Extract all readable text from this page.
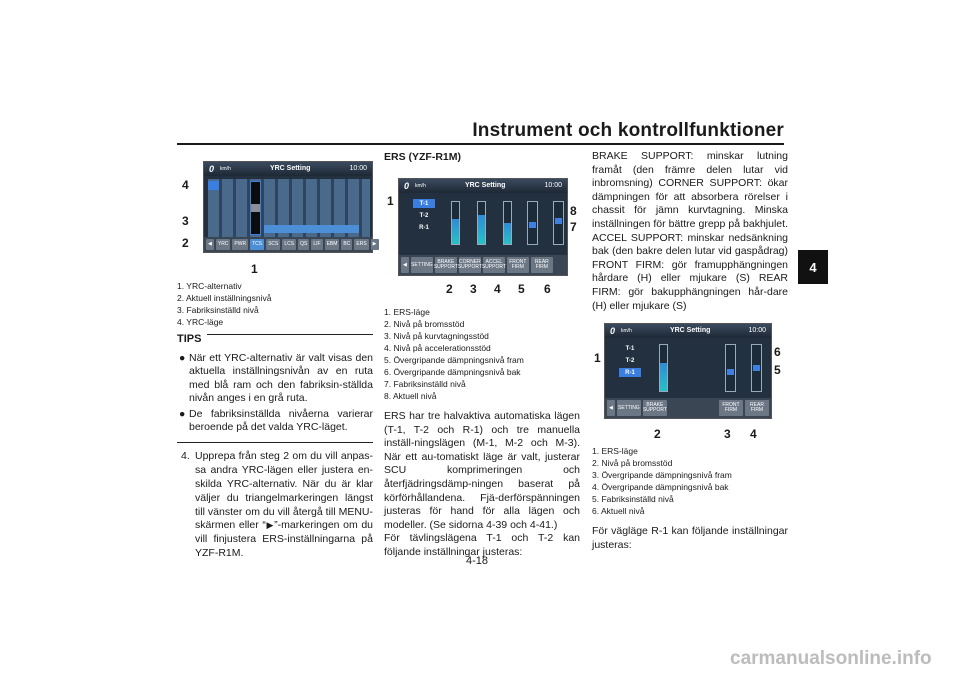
Instrument och kontrollfunktioner
4
4-18
carmanualsonline.info
0 km/h	YRC Setting	10:00
◀	YRC	PWR	TCS	SCS	LCS	QS	LIF	EBM	BC	ERS	▶
4
3
2
1
1. YRC-alternativ
2. Aktuell inställningsnivå
3. Fabriksinställd nivå
4. YRC-läge
TIPS
● När ett YRC-alternativ är valt visas den aktuella inställningsnivån av en ruta med blå ram och den fabriksin-ställda nivån anges i en grå ruta.
● De fabriksinställda nivåerna varierar beroende på det valda YRC-läget.
4. Upprepa från steg 2 om du vill anpas-sa andra YRC-lägen eller justera en-skilda YRC-alternativ. När du är klar väljer du triangelmarkeringen längst till vänster om du vill återgå till MENU-skärmen eller “▶”-markeringen om du vill finjustera ERS-inställningarna på YZF-R1M.
ERS (YZF-R1M)
0 km/h	YRC Setting	10:00
T-1
T-2
R-1
◀ SETTING BRAKE SUPPORT
CORNER SUPPORT
ACCEL SUPPORT
FRONT FIRM
REAR FIRM
1
8
7
2 3 4 5 6
1. ERS-läge
2. Nivå på bromsstöd
3. Nivå på kurvtagningsstöd
4. Nivå på accelerationsstöd
5. Övergripande dämpningsnivå fram
6. Övergripande dämpningsnivå bak
7. Fabriksinställd nivå
8. Aktuell nivå
ERS har tre halvaktiva automatiska lägen (T-1, T-2 och R-1) och tre manuella inställ-ningslägen (M-1, M-2 och M-3). När ett au-tomatiskt läge är valt, justerar SCU komprimeringen och återfjädringsdämp-ningen baserat på körförhållandena. Fjä-derförspänningen justeras för hand för alla lägen och modeller. (Se sidorna 4-39 och 4-41.)
För tävlingslägena T-1 och T-2 kan följande inställningar justeras:
BRAKE SUPPORT: minskar lutning framåt (den främre delen lutar vid inbromsning) CORNER SUPPORT: ökar dämpningen för att absorbera rörelser i chassit för jämn kurvtagning. Minska inställningen för bättre grepp på bakhjulet. ACCEL SUPPORT: minskar nedsänkning bak (den bakre delen lutar vid gaspådrag) FRONT FIRM: gör framupphängningen hårdare (H) eller mjukare (S) REAR FIRM: gör bakupphängningen hår-dare (H) eller mjukare (S)
0 km/h	YRC Setting	10:00
T-1
T-2
R-1
◀	SETTING	BRAKE SUPPORT
FRONT FIRM
REAR FIRM
1	6
5
2	3 4
1. ERS-läge
2. Nivå på bromsstöd
3. Övergripande dämpningsnivå fram
4. Övergripande dämpningsnivå bak
5. Fabriksinställd nivå
6. Aktuell nivå
För vägläge R-1 kan följande inställningar justeras:
